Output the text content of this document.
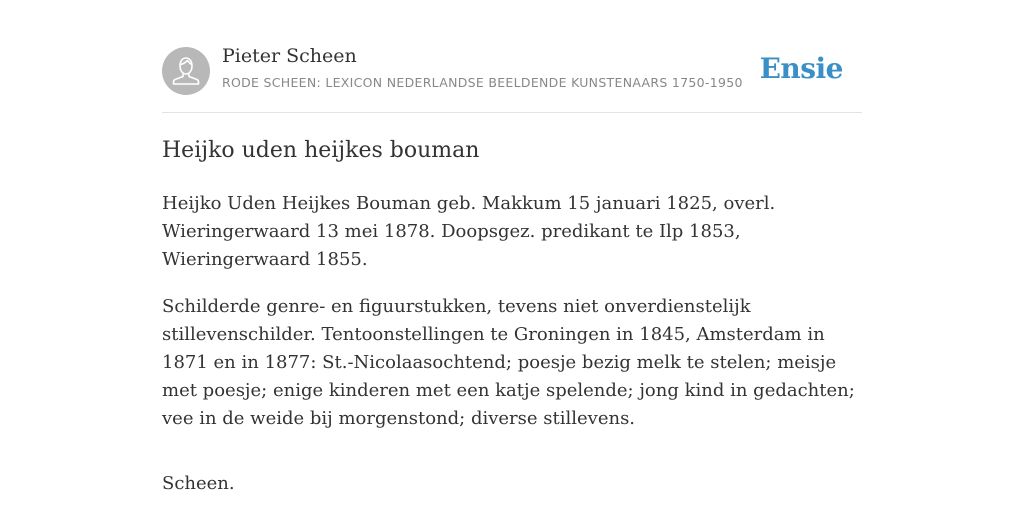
Pieter Scheen
RODE SCHEEN: LEXICON NEDERLANDSE BEELDENDE KUNSTENAARS 1750-1950 Ensie
Heijko uden heijkes bouman

Heijko Uden Heijkes Bouman geb. Makkum 15 januari 1825, overl. Wieringerwaard 13 mei 1878. Doopsgez. predikant te Ilp 1853, Wieringerwaard 1855.

Schilderde genre- en figuurstukken, tevens niet onverdienstelijk stillevenschilder. Tentoonstellingen te Groningen in 1845, Amsterdam in 1871 en in 1877: St.-Nicolaasochtend; poesje bezig melk te stelen; meisje met poesje; enige kinderen met een katje spelende; jong kind in gedachten; vee in de weide bij morgenstond; diverse stillevens.

Scheen.
